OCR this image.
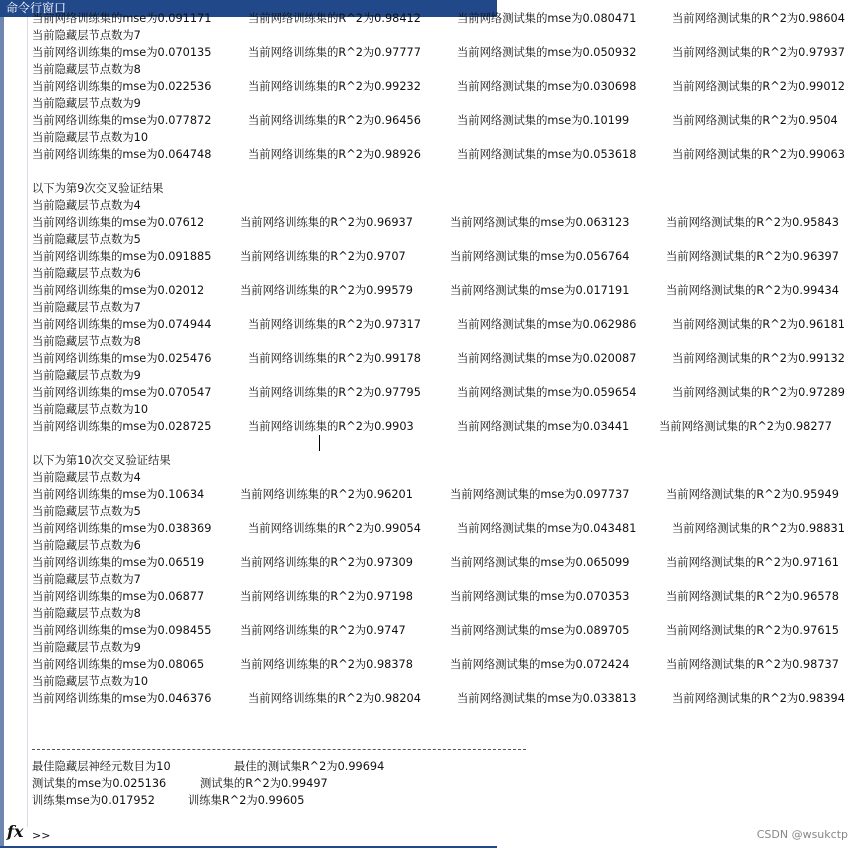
命令行窗口
当前网络训练集的mse为0.091171	当前网络训练集的R^2为0.98412	当前网络测试集的mse为0.080471	当前网络测试集的R^2为0.98604
当前隐藏层节点数为7
当前网络训练集的mse为0.070135	当前网络训练集的R^2为0.97777	当前网络测试集的mse为0.050932	当前网络测试集的R^2为0.97937
当前隐藏层节点数为8
当前网络训练集的mse为0.022536	当前网络训练集的R^2为0.99232	当前网络测试集的mse为0.030698	当前网络测试集的R^2为0.99012
当前隐藏层节点数为9
当前网络训练集的mse为0.077872	当前网络训练集的R^2为0.96456	当前网络测试集的mse为0.10199	当前网络测试集的R^2为0.9504
当前隐藏层节点数为10
当前网络训练集的mse为0.064748	当前网络训练集的R^2为0.98926	当前网络测试集的mse为0.053618	当前网络测试集的R^2为0.99063
以下为第9次交叉验证结果
当前隐藏层节点数为4
当前网络训练集的mse为0.07612	当前网络训练集的R^2为0.96937	当前网络测试集的mse为0.063123	当前网络测试集的R^2为0.95843
当前隐藏层节点数为5
当前网络训练集的mse为0.091885	当前网络训练集的R^2为0.9707	当前网络测试集的mse为0.056764	当前网络测试集的R^2为0.96397
当前隐藏层节点数为6
当前网络训练集的mse为0.02012	当前网络训练集的R^2为0.99579	当前网络测试集的mse为0.017191	当前网络测试集的R^2为0.99434
当前隐藏层节点数为7
当前网络训练集的mse为0.074944	当前网络训练集的R^2为0.97317	当前网络测试集的mse为0.062986	当前网络测试集的R^2为0.96181
当前隐藏层节点数为8
当前网络训练集的mse为0.025476	当前网络训练集的R^2为0.99178	当前网络测试集的mse为0.020087	当前网络测试集的R^2为0.99132
当前隐藏层节点数为9
当前网络训练集的mse为0.070547	当前网络训练集的R^2为0.97795	当前网络测试集的mse为0.059654	当前网络测试集的R^2为0.97289
当前隐藏层节点数为10
当前网络训练集的mse为0.028725	当前网络训练集的R^2为0.9903	当前网络测试集的mse为0.03441	当前网络测试集的R^2为0.98277
以下为第10次交叉验证结果
当前隐藏层节点数为4
当前网络训练集的mse为0.10634	当前网络训练集的R^2为0.96201	当前网络测试集的mse为0.097737	当前网络测试集的R^2为0.95949
当前隐藏层节点数为5
当前网络训练集的mse为0.038369	当前网络训练集的R^2为0.99054	当前网络测试集的mse为0.043481	当前网络测试集的R^2为0.98831
当前隐藏层节点数为6
当前网络训练集的mse为0.06519	当前网络训练集的R^2为0.97309	当前网络测试集的mse为0.065099	当前网络测试集的R^2为0.97161
当前隐藏层节点数为7
当前网络训练集的mse为0.06877	当前网络训练集的R^2为0.97198	当前网络测试集的mse为0.070353	当前网络测试集的R^2为0.96578
当前隐藏层节点数为8
当前网络训练集的mse为0.098455	当前网络训练集的R^2为0.9747	当前网络测试集的mse为0.089705	当前网络测试集的R^2为0.97615
当前隐藏层节点数为9
当前网络训练集的mse为0.08065	当前网络训练集的R^2为0.98378	当前网络测试集的mse为0.072424	当前网络测试集的R^2为0.98737
当前隐藏层节点数为10
当前网络训练集的mse为0.046376	当前网络训练集的R^2为0.98204	当前网络测试集的mse为0.033813	当前网络测试集的R^2为0.98394
最佳隐藏层神经元数目为10	最佳的测试集R^2为0.99694
测试集的mse为0.025136	测试集的R^2为0.99497
训练集mse为0.017952	训练集R^2为0.99605
fx >>	CSDN @wsukctp
